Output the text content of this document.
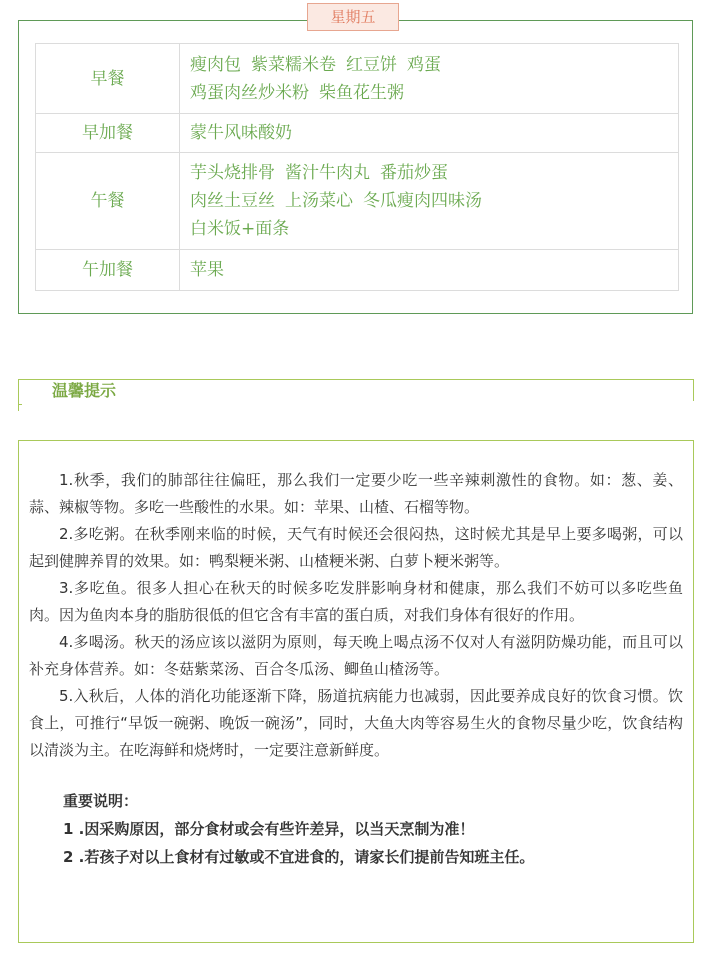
早餐	瘦肉包 紫菜糯米卷 红豆饼 鸡蛋
鸡蛋肉丝炒米粉 柴鱼花生粥

早加餐	蒙牛风味酸奶
午餐	芋头烧排骨 酱汁牛肉丸 番茄炒蛋
肉丝土豆丝 上汤菜心 冬瓜瘦肉四味汤
白米饭+面条

午加餐	苹果
星期五
温馨提示

1.秋季，我们的肺部往往偏旺，那么我们一定要少吃一些辛辣刺激性的食物。如：葱、姜、蒜、辣椒等物。多吃一些酸性的水果。如：苹果、山楂、石榴等物。

2.多吃粥。在秋季刚来临的时候，天气有时候还会很闷热，这时候尤其是早上要多喝粥，可以起到健脾养胃的效果。如：鸭梨粳米粥、山楂粳米粥、白萝卜粳米粥等。

3.多吃鱼。很多人担心在秋天的时候多吃发胖影响身材和健康，那么我们不妨可以多吃些鱼肉。因为鱼肉本身的脂肪很低的但它含有丰富的蛋白质，对我们身体有很好的作用。

4.多喝汤。秋天的汤应该以滋阴为原则，每天晚上喝点汤不仅对人有滋阴防燥功能，而且可以补充身体营养。如：冬菇紫菜汤、百合冬瓜汤、鲫鱼山楂汤等。

5.入秋后，人体的消化功能逐渐下降，肠道抗病能力也减弱，因此要养成良好的饮食习惯。饮食上，可推行“早饭一碗粥、晚饭一碗汤”，同时，大鱼大肉等容易生火的食物尽量少吃，饮食结构以清淡为主。在吃海鲜和烧烤时，一定要注意新鲜度。

重要说明：

1 .因采购原因，部分食材或会有些许差异，以当天烹制为准！

2 .若孩子对以上食材有过敏或不宜进食的，请家长们提前告知班主任。
